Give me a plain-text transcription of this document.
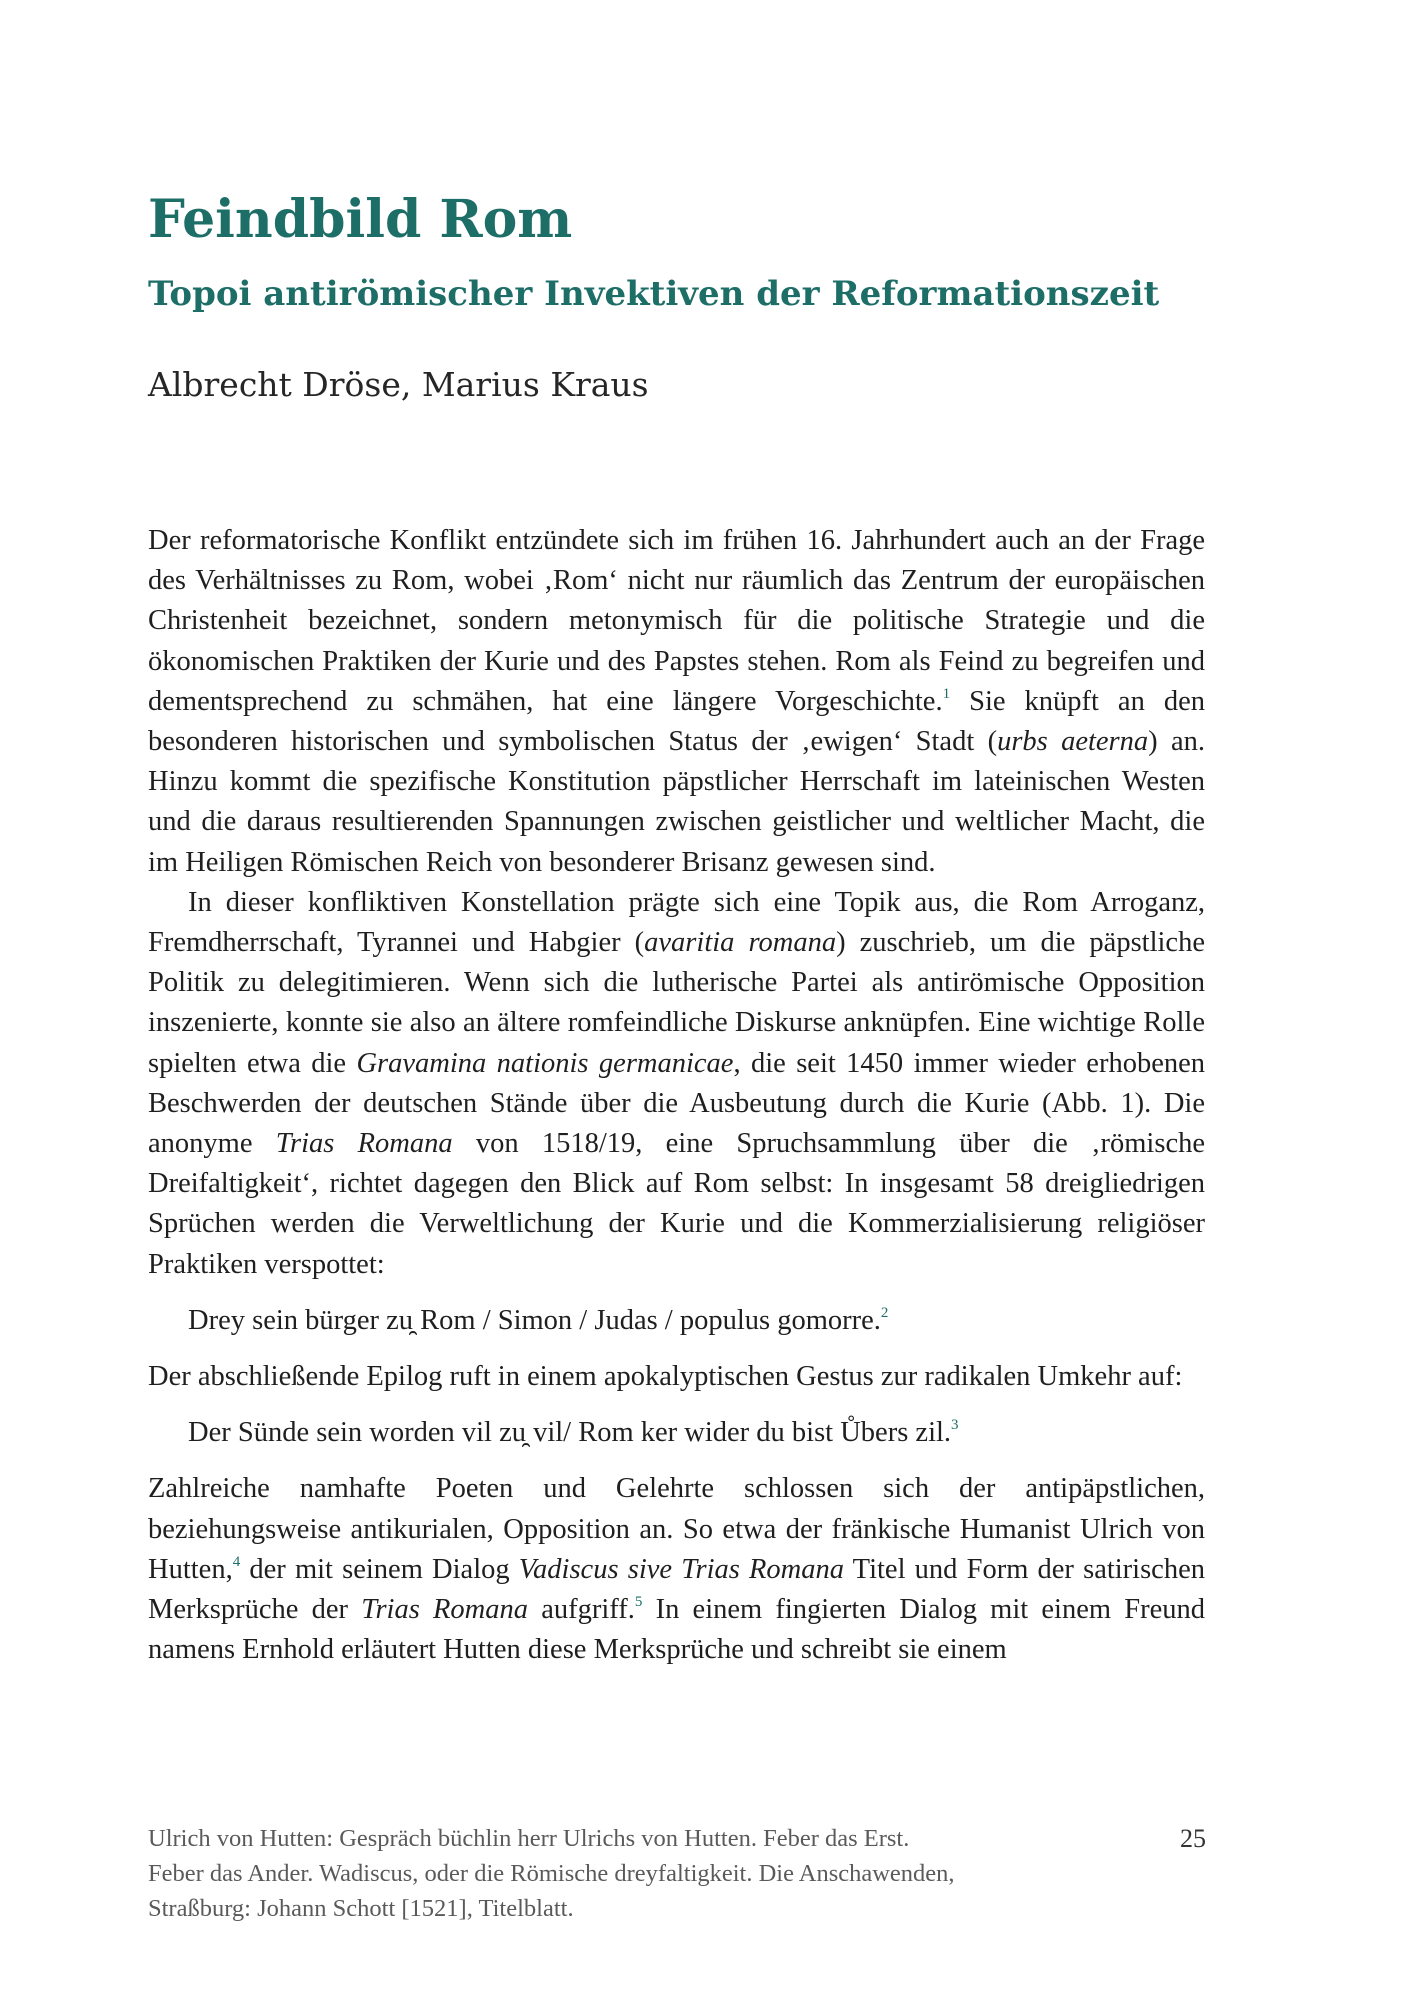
Feindbild Rom
Topoi antirömischer Invektiven der Reformationszeit
Albrecht Dröse, Marius Kraus

Der reformatorische Konflikt entzündete sich im frühen 16. Jahrhundert auch an der Frage des Verhältnisses zu Rom, wobei ‚Rom‘ nicht nur räumlich das Zentrum der europäischen Christenheit bezeichnet, sondern metonymisch für die politische Strategie und die ökonomischen Praktiken der Kurie und des Papstes stehen. Rom als Feind zu begreifen und dementsprechend zu schmähen, hat eine längere Vorgeschichte.$^1$ Sie knüpft an den besonderen historischen und symbolischen Status der ‚ewigen‘ Stadt (urbs aeterna) an. Hinzu kommt die spezifische Konstitution päpstlicher Herrschaft im lateinischen Westen und die daraus resultierenden Spannungen zwischen geistlicher und weltlicher Macht, die im Heiligen Römischen Reich von besonderer Brisanz gewesen sind.

In dieser konfliktiven Konstellation prägte sich eine Topik aus, die Rom Arroganz, Fremdherrschaft, Tyrannei und Habgier (avaritia romana) zuschrieb, um die päpstliche Politik zu delegitimieren. Wenn sich die lutherische Partei als antirömische Opposition inszenierte, konnte sie also an ältere romfeindliche Diskurse anknüpfen. Eine wichtige Rolle spielten etwa die Gravamina nationis germanicae, die seit 1450 immer wieder erhobenen Beschwerden der deutschen Stände über die Ausbeutung durch die Kurie (Abb. 1). Die anonyme Trias Romana von 1518/19, eine Spruchsammlung über die ‚römische Dreifaltigkeit‘, richtet dagegen den Blick auf Rom selbst: In insgesamt 58 dreigliedrigen Sprüchen werden die Verweltlichung der Kurie und die Kommerzialisierung religiöser Praktiken verspottet:

Drey sein bürger zu̯ Rom / Simon / Judas / populus gomorre.$^2$

Der abschließende Epilog ruft in einem apokalyptischen Gestus zur radikalen Umkehr auf:

Der Sünde sein worden vil zu̯ vil/ Rom ker wider du bist Ůbers zil.$^3$

Zahlreiche namhafte Poeten und Gelehrte schlossen sich der antipäpstlichen, beziehungsweise antikurialen, Opposition an. So etwa der fränkische Humanist Ulrich von Hutten,$^4$ der mit seinem Dialog Vadiscus sive Trias Romana Titel und Form der satirischen Merksprüche der Trias Romana aufgriff.$^5$ In einem fingierten Dialog mit einem Freund namens Ernhold erläutert Hutten diese Merksprüche und schreibt sie einem

Ulrich von Hutten: Gespräch büchlin herr Ulrichs von Hutten. Feber das Erst.
Feber das Ander. Wadiscus, oder die Römische dreyfaltigkeit. Die Anschawenden,
Straßburg: Johann Schott [1521], Titelblatt.
25
